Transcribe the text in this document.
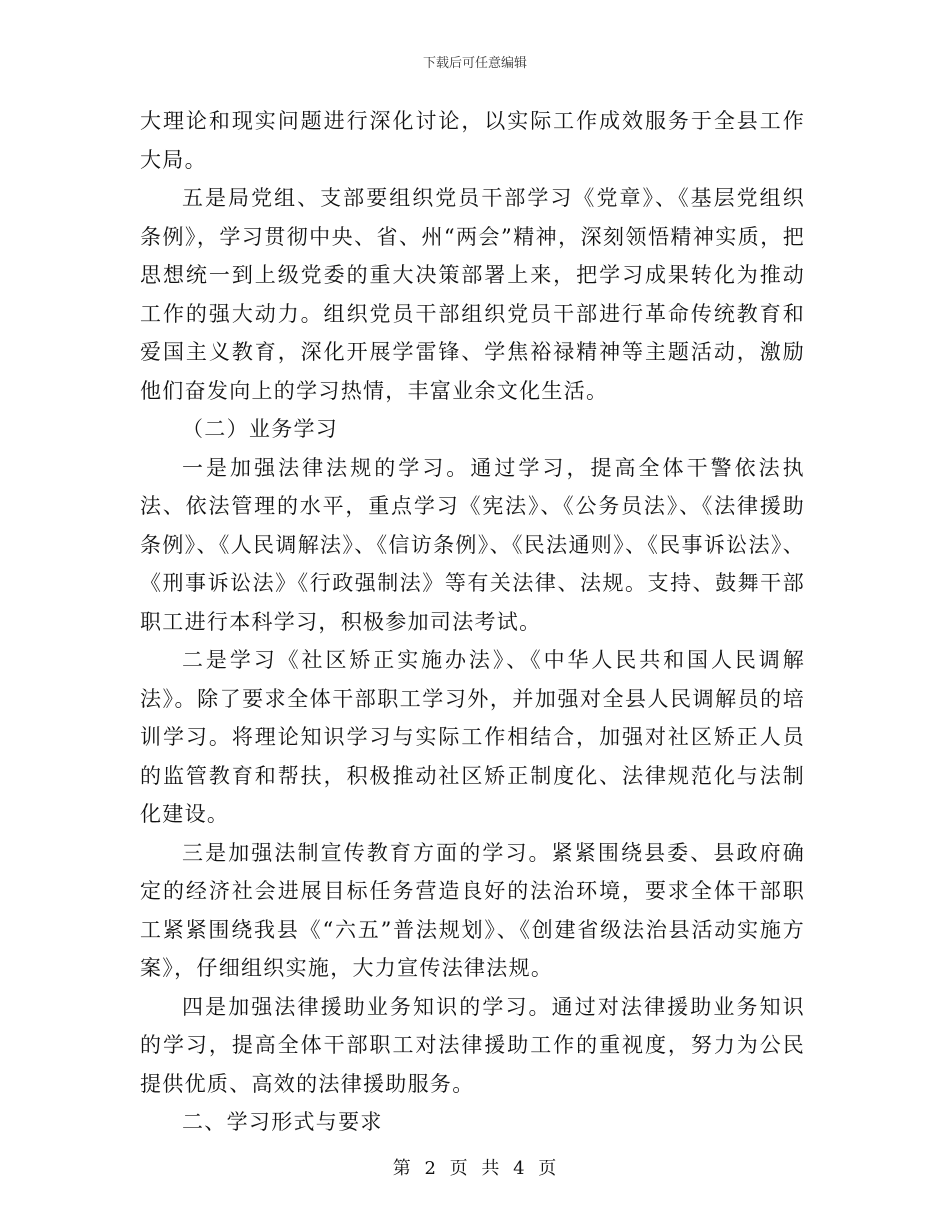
下载后可任意编辑

大理论和现实问题进行深化讨论，以实际工作成效服务于全县工作大局。

五是局党组、支部要组织党员干部学习《党章》、《基层党组织条例》，学习贯彻中央、省、州“两会”精神，深刻领悟精神实质，把思想统一到上级党委的重大决策部署上来，把学习成果转化为推动工作的强大动力。组织党员干部组织党员干部进行革命传统教育和爱国主义教育，深化开展学雷锋、学焦裕禄精神等主题活动，激励他们奋发向上的学习热情，丰富业余文化生活。

（二）业务学习

一是加强法律法规的学习。通过学习，提高全体干警依法执法、依法管理的水平，重点学习《宪法》、《公务员法》、《法律援助条例》、《人民调解法》、《信访条例》、《民法通则》、《民事诉讼法》、《刑事诉讼法》《行政强制法》等有关法律、法规。支持、鼓舞干部职工进行本科学习，积极参加司法考试。

二是学习《社区矫正实施办法》、《中华人民共和国人民调解法》。除了要求全体干部职工学习外，并加强对全县人民调解员的培训学习。将理论知识学习与实际工作相结合，加强对社区矫正人员的监管教育和帮扶，积极推动社区矫正制度化、法律规范化与法制化建设。

三是加强法制宣传教育方面的学习。紧紧围绕县委、县政府确定的经济社会进展目标任务营造良好的法治环境，要求全体干部职工紧紧围绕我县《“六五”普法规划》、《创建省级法治县活动实施方案》，仔细组织实施，大力宣传法律法规。

四是加强法律援助业务知识的学习。通过对法律援助业务知识的学习，提高全体干部职工对法律援助工作的重视度，努力为公民提供优质、高效的法律援助服务。

二、学习形式与要求

第 2 页 共 4 页
